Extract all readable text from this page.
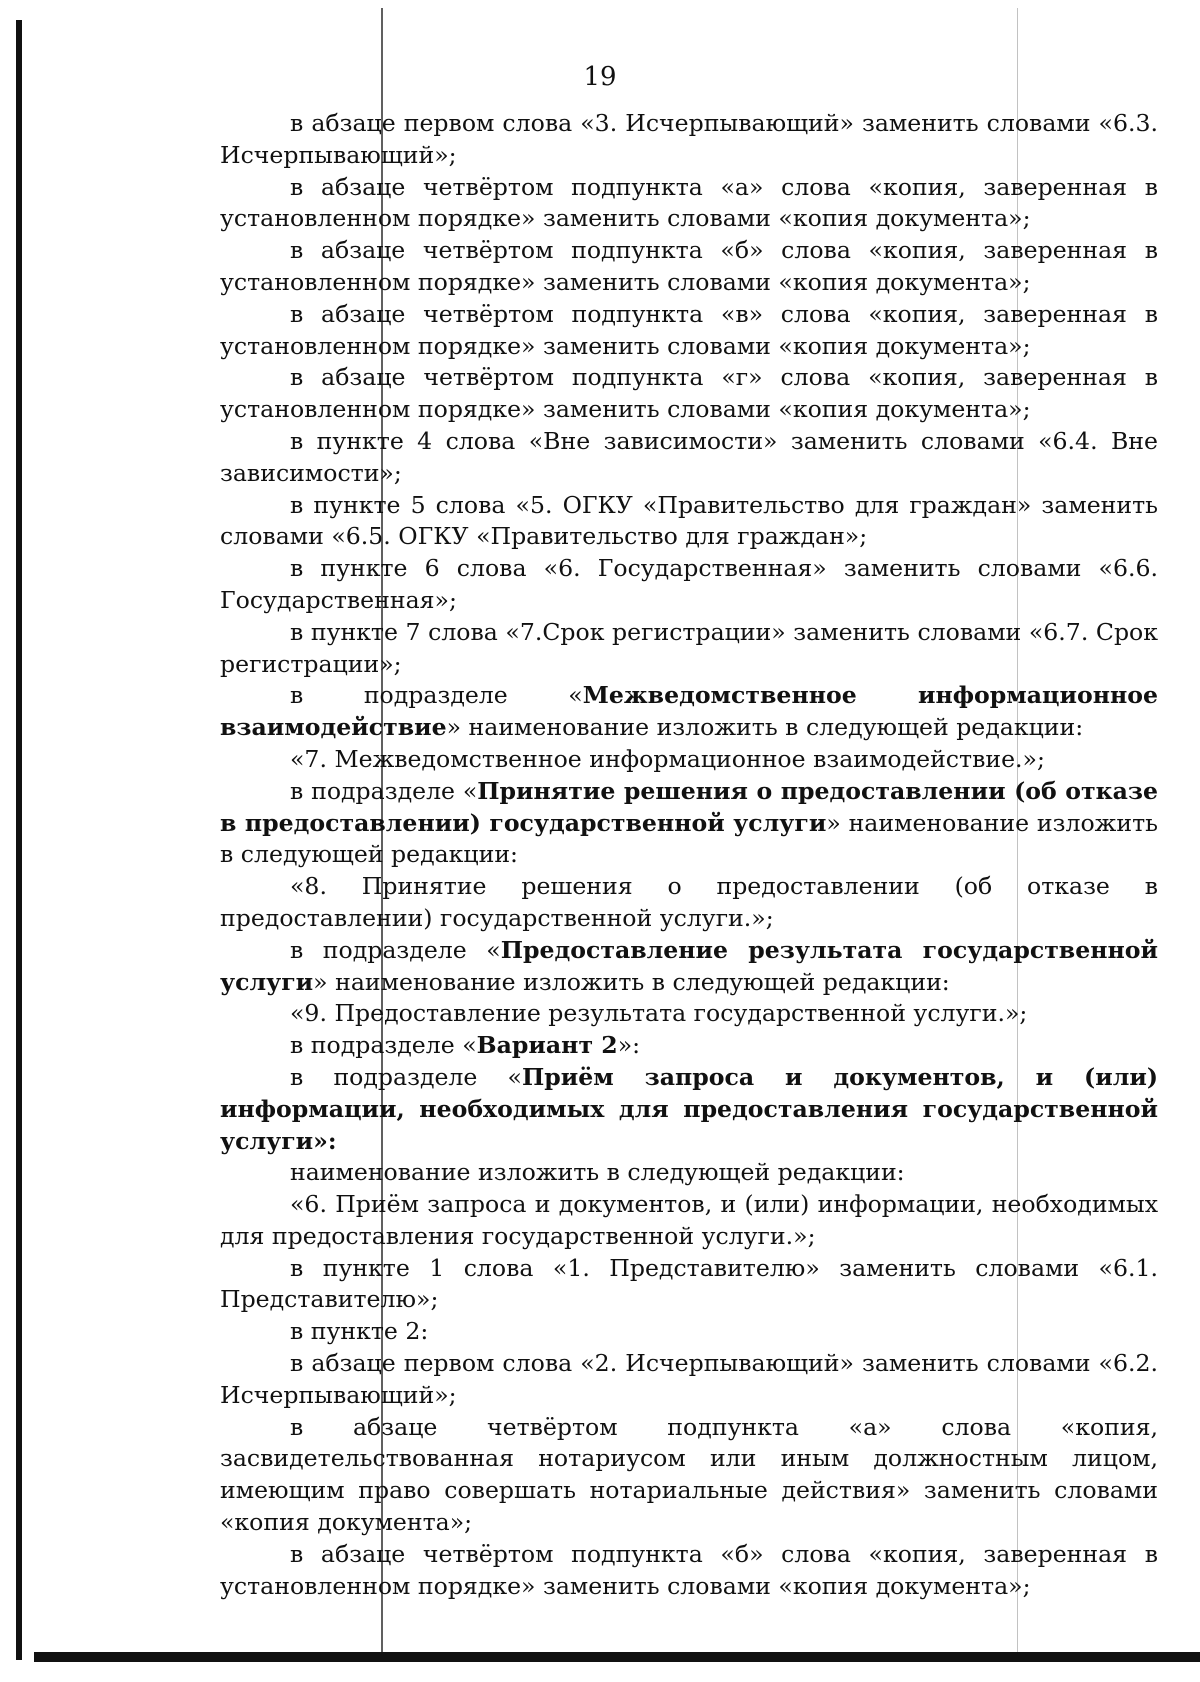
19

в абзаце первом слова «3. Исчерпывающий» заменить словами «6.3. Исчерпывающий»;

в абзаце четвёртом подпункта «а» слова «копия, заверенная в установленном порядке» заменить словами «копия документа»;

в абзаце четвёртом подпункта «б» слова «копия, заверенная в установленном порядке» заменить словами «копия документа»;

в абзаце четвёртом подпункта «в» слова «копия, заверенная в установленном порядке» заменить словами «копия документа»;

в абзаце четвёртом подпункта «г» слова «копия, заверенная в установленном порядке» заменить словами «копия документа»;

в пункте 4 слова «Вне зависимости» заменить словами «6.4. Вне зависимости»;

в пункте 5 слова «5. ОГКУ «Правительство для граждан» заменить словами «6.5. ОГКУ «Правительство для граждан»;

в пункте 6 слова «6. Государственная» заменить словами «6.6. Государственная»;

в пункте 7 слова «7.Срок регистрации» заменить словами «6.7. Срок регистрации»;

в подразделе «Межведомственное информационное взаимодействие» наименование изложить в следующей редакции:

«7. Межведомственное информационное взаимодействие.»;

в подразделе «Принятие решения о предоставлении (об отказе в предоставлении) государственной услуги» наименование изложить в следующей редакции:

«8. Принятие решения о предоставлении (об отказе в предоставлении) государственной услуги.»;

в подразделе «Предоставление результата государственной услуги» наименование изложить в следующей редакции:

«9. Предоставление результата государственной услуги.»;

в подразделе «Вариант 2»:

в подразделе «Приём запроса и документов, и (или) информации, необходимых для предоставления государственной услуги»:

наименование изложить в следующей редакции:

«6. Приём запроса и документов, и (или) информации, необходимых для предоставления государственной услуги.»;

в пункте 1 слова «1. Представителю» заменить словами «6.1. Представителю»;

в пункте 2:

в абзаце первом слова «2. Исчерпывающий» заменить словами «6.2. Исчерпывающий»;

в абзаце четвёртом подпункта «а» слова «копия, засвидетельствованная нотариусом или иным должностным лицом, имеющим право совершать нотариальные действия» заменить словами «копия документа»;

в абзаце четвёртом подпункта «б» слова «копия, заверенная в установленном порядке» заменить словами «копия документа»;
